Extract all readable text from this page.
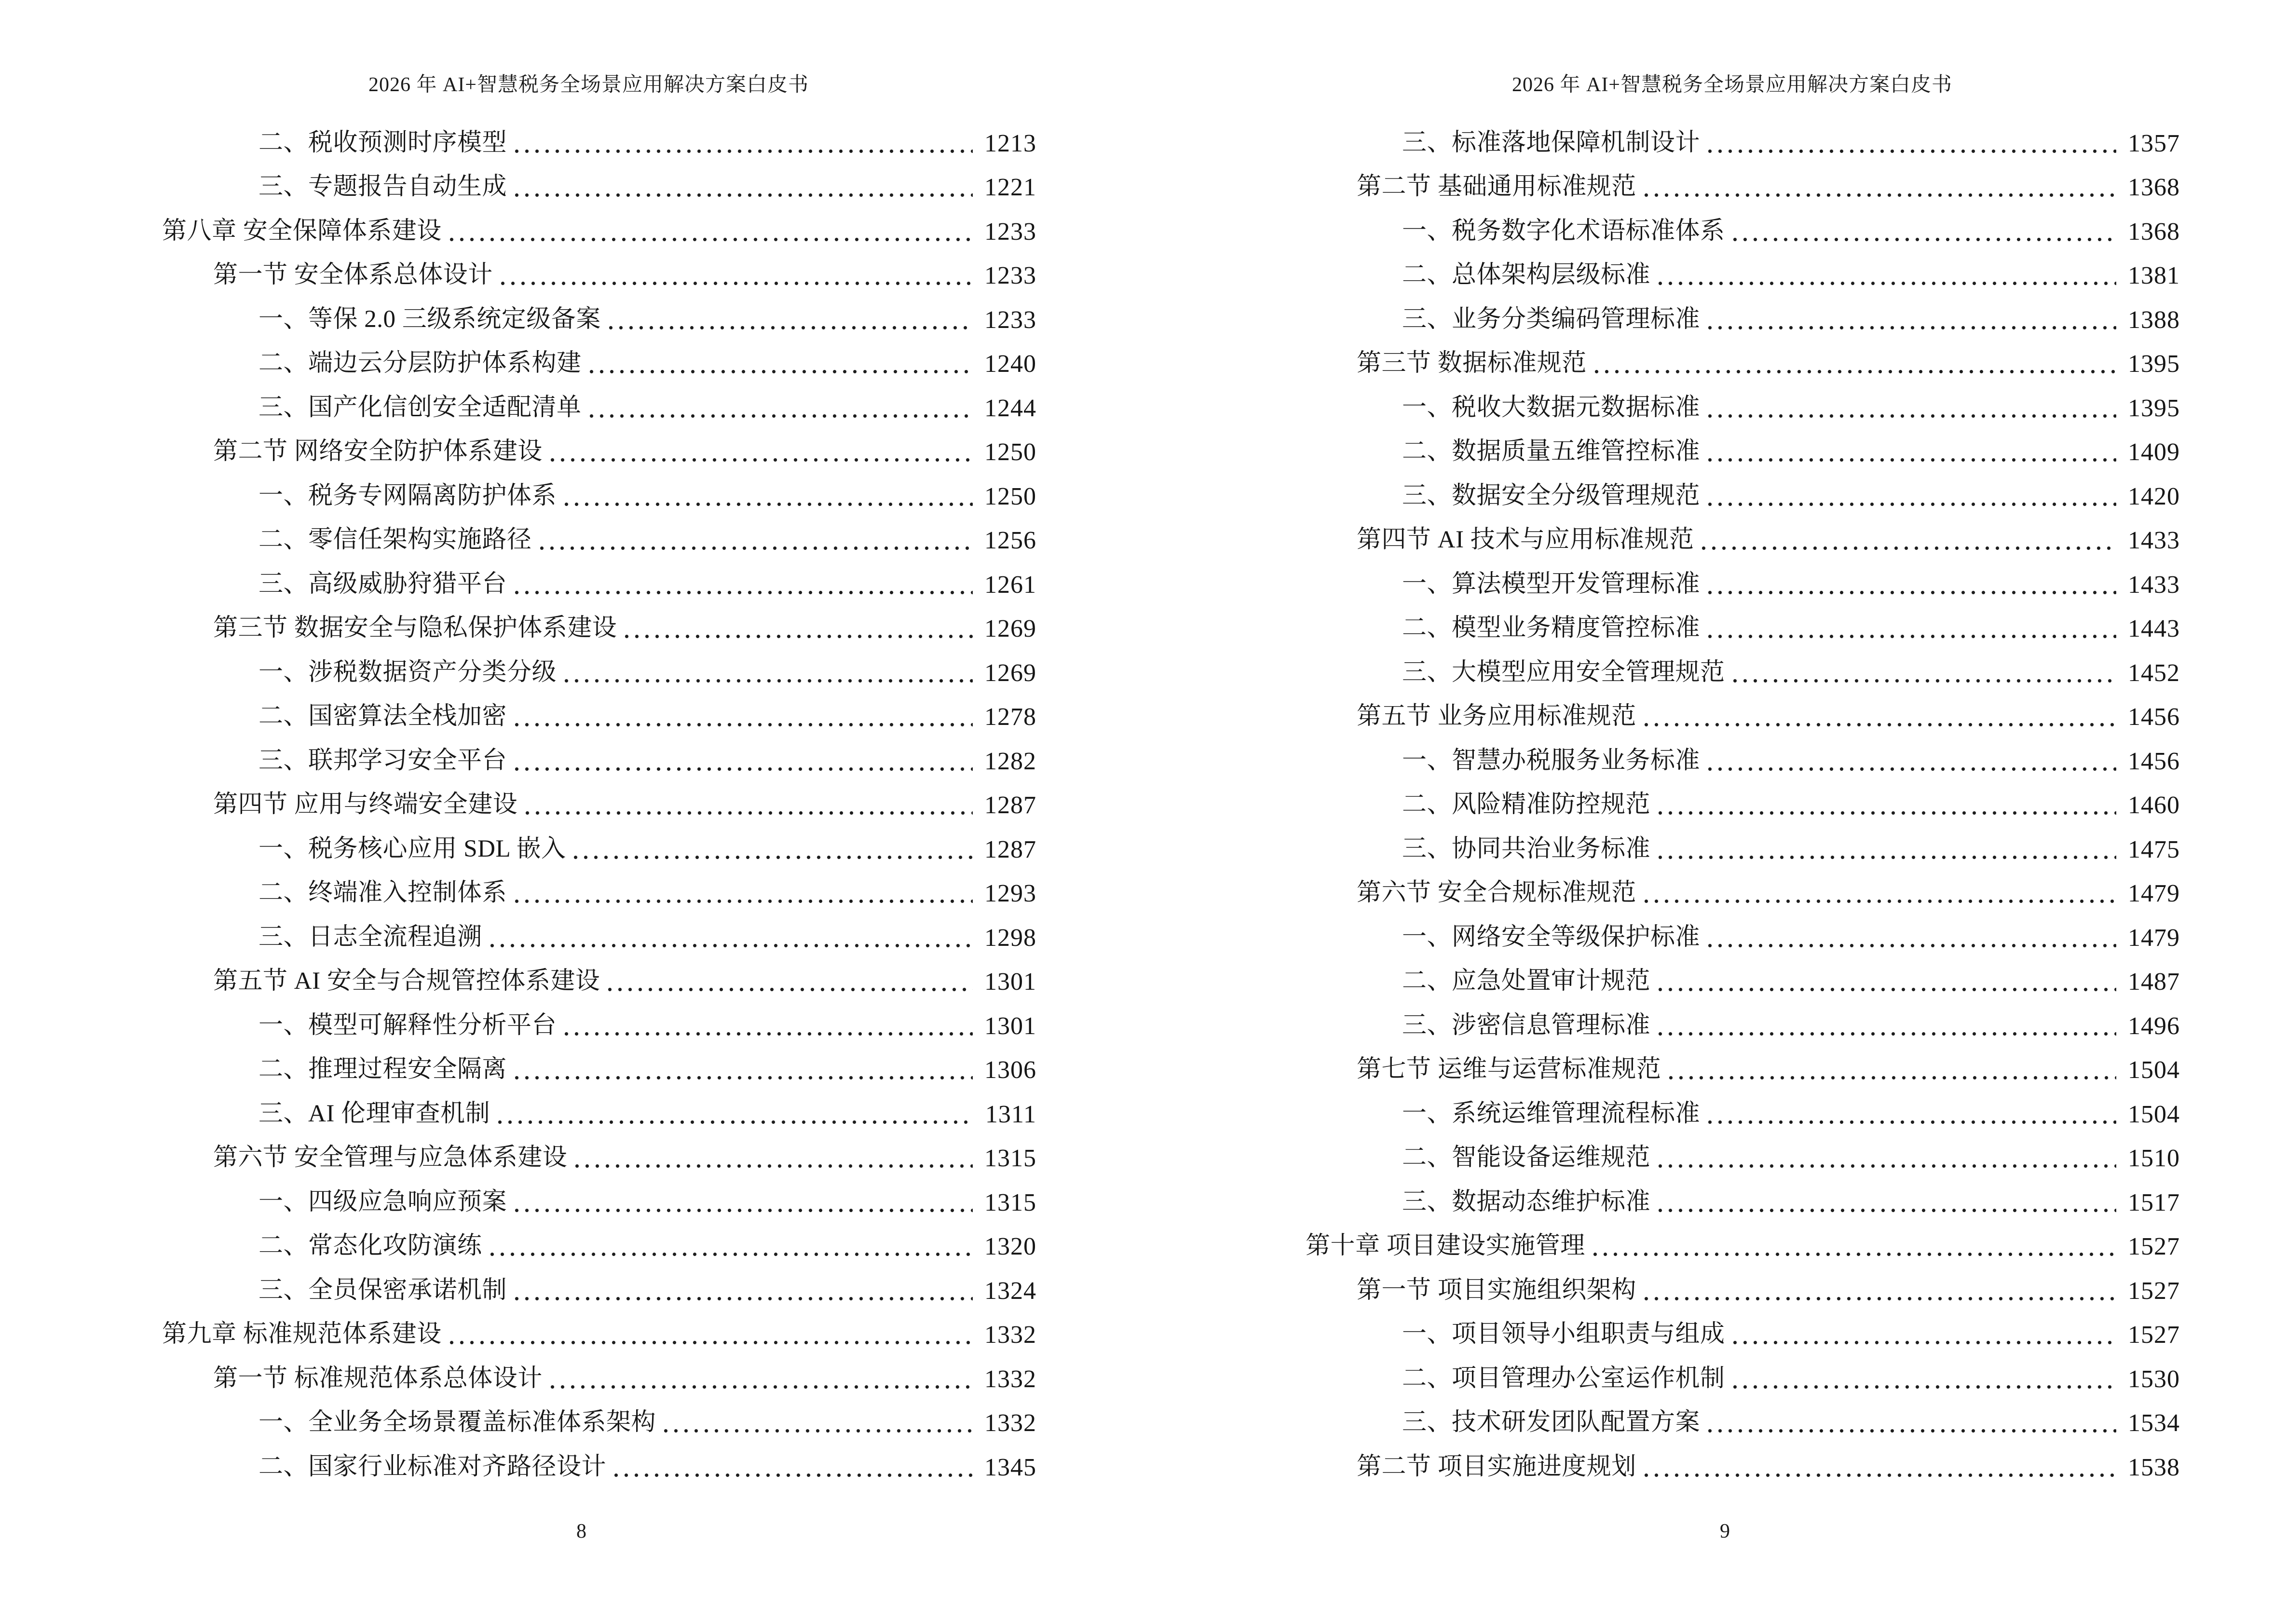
2026 年 AI+智慧税务全场景应用解决方案白皮书
二、税收预测时序模型	1213
三、专题报告自动生成	1221
第八章 安全保障体系建设	1233
第一节 安全体系总体设计	1233
一、等保 2.0 三级系统定级备案	1233
二、端边云分层防护体系构建	1240
三、国产化信创安全适配清单	1244
第二节 网络安全防护体系建设	1250
一、税务专网隔离防护体系	1250
二、零信任架构实施路径	1256
三、高级威胁狩猎平台	1261
第三节 数据安全与隐私保护体系建设	1269
一、涉税数据资产分类分级	1269
二、国密算法全栈加密	1278
三、联邦学习安全平台	1282
第四节 应用与终端安全建设	1287
一、税务核心应用 SDL 嵌入	1287
二、终端准入控制体系	1293
三、日志全流程追溯	1298
第五节 AI 安全与合规管控体系建设	1301
一、模型可解释性分析平台	1301
二、推理过程安全隔离	1306
三、AI 伦理审查机制	1311
第六节 安全管理与应急体系建设	1315
一、四级应急响应预案	1315
二、常态化攻防演练	1320
三、全员保密承诺机制	1324
第九章 标准规范体系建设	1332
第一节 标准规范体系总体设计	1332
一、全业务全场景覆盖标准体系架构	1332
二、国家行业标准对齐路径设计	1345
8
2026 年 AI+智慧税务全场景应用解决方案白皮书
三、标准落地保障机制设计	1357
第二节 基础通用标准规范	1368
一、税务数字化术语标准体系	1368
二、总体架构层级标准	1381
三、业务分类编码管理标准	1388
第三节 数据标准规范	1395
一、税收大数据元数据标准	1395
二、数据质量五维管控标准	1409
三、数据安全分级管理规范	1420
第四节 AI 技术与应用标准规范	1433
一、算法模型开发管理标准	1433
二、模型业务精度管控标准	1443
三、大模型应用安全管理规范	1452
第五节 业务应用标准规范	1456
一、智慧办税服务业务标准	1456
二、风险精准防控规范	1460
三、协同共治业务标准	1475
第六节 安全合规标准规范	1479
一、网络安全等级保护标准	1479
二、应急处置审计规范	1487
三、涉密信息管理标准	1496
第七节 运维与运营标准规范	1504
一、系统运维管理流程标准	1504
二、智能设备运维规范	1510
三、数据动态维护标准	1517
第十章 项目建设实施管理	1527
第一节 项目实施组织架构	1527
一、项目领导小组职责与组成	1527
二、项目管理办公室运作机制	1530
三、技术研发团队配置方案	1534
第二节 项目实施进度规划	1538
9
